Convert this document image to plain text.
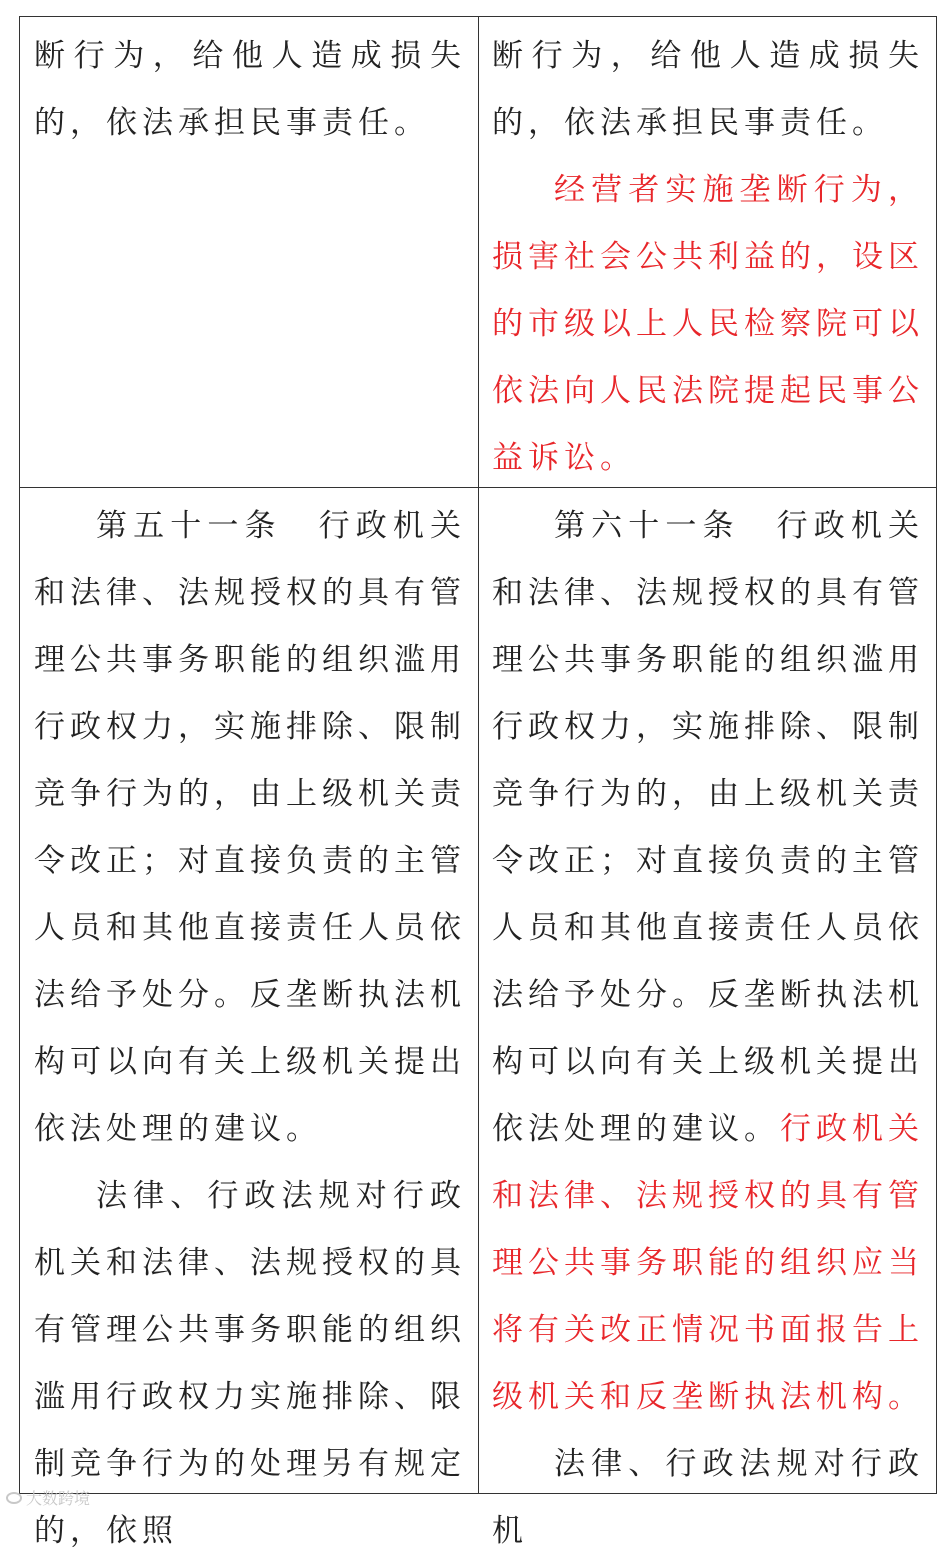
断行为，给他人造成损失的，依法承担民事责任。

断行为，给他人造成损失的，依法承担民事责任。

经营者实施垄断行为，损害社会公共利益的，设区的市级以上人民检察院可以依法向人民法院提起民事公益诉讼。

第五十一条　行政机关和法律、法规授权的具有管理公共事务职能的组织滥用行政权力，实施排除、限制竞争行为的，由上级机关责令改正；对直接负责的主管人员和其他直接责任人员依法给予处分。反垄断执法机构可以向有关上级机关提出依法处理的建议。

法律、行政法规对行政机关和法律、法规授权的具有管理公共事务职能的组织滥用行政权力实施排除、限制竞争行为的处理另有规定的，依照

第六十一条　行政机关和法律、法规授权的具有管理公共事务职能的组织滥用行政权力，实施排除、限制竞争行为的，由上级机关责令改正；对直接负责的主管人员和其他直接责任人员依法给予处分。反垄断执法机构可以向有关上级机关提出依法处理的建议。行政机关和法律、法规授权的具有管理公共事务职能的组织应当将有关改正情况书面报告上级机关和反垄断执法机构。

法律、行政法规对行政机

大数跨境
